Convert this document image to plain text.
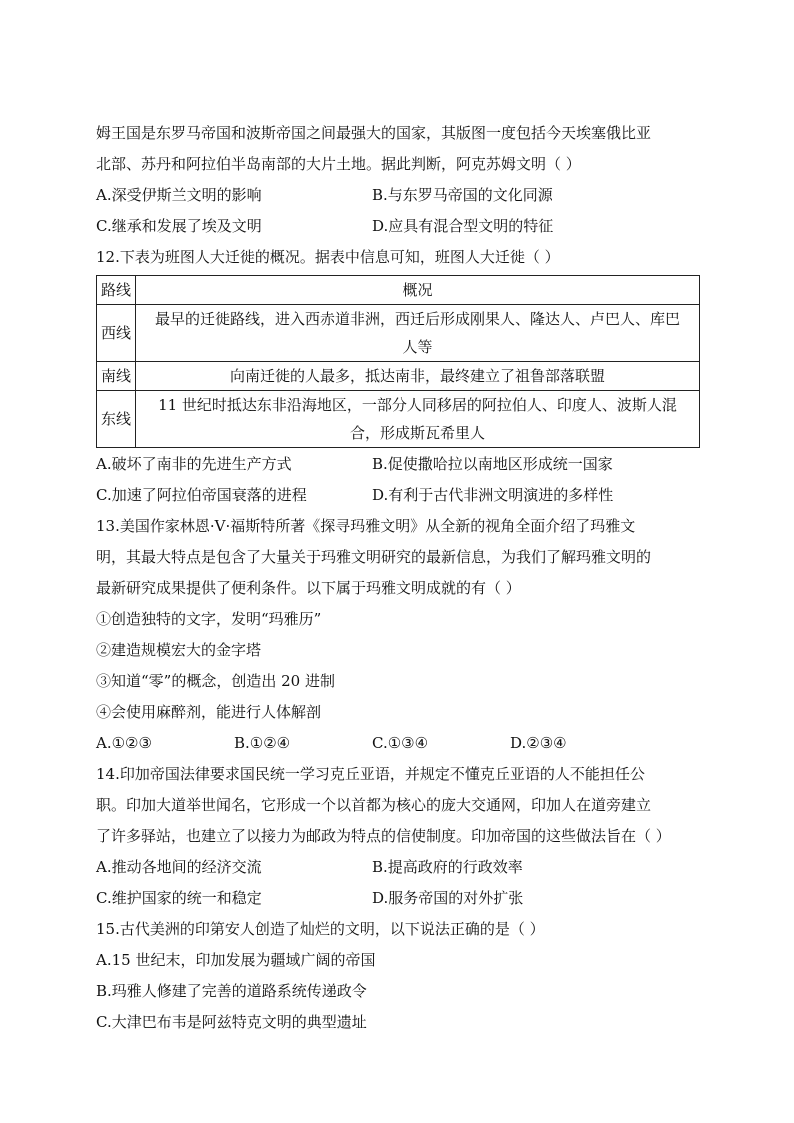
姆王国是东罗马帝国和波斯帝国之间最强大的国家，其版图一度包括今天埃塞俄比亚
北部、苏丹和阿拉伯半岛南部的大片土地。据此判断，阿克苏姆文明（ ）
A.深受伊斯兰文明的影响	B.与东罗马帝国的文化同源
C.继承和发展了埃及文明	D.应具有混合型文明的特征
12.下表为班图人大迁徙的概况。据表中信息可知，班图人大迁徙（ ）
路线	概况
西线	最早的迁徙路线，进入西赤道非洲，西迁后形成刚果人、隆达人、卢巴人、库巴
人等

南线	向南迁徙的人最多，抵达南非，最终建立了祖鲁部落联盟

东线	11 世纪时抵达东非沿海地区，一部分人同移居的阿拉伯人、印度人、波斯人混
合，形成斯瓦希里人
A.破坏了南非的先进生产方式	B.促使撒哈拉以南地区形成统一国家
C.加速了阿拉伯帝国衰落的进程	D.有利于古代非洲文明演进的多样性
13.美国作家林恩·V·福斯特所著《探寻玛雅文明》从全新的视角全面介绍了玛雅文
明，其最大特点是包含了大量关于玛雅文明研究的最新信息，为我们了解玛雅文明的
最新研究成果提供了便利条件。以下属于玛雅文明成就的有（ ）
①创造独特的文字，发明“玛雅历”
②建造规模宏大的金字塔
③知道“零”的概念，创造出 20 进制
④会使用麻醉剂，能进行人体解剖
A.①②③	B.①②④	C.①③④	D.②③④
14.印加帝国法律要求国民统一学习克丘亚语，并规定不懂克丘亚语的人不能担任公
职。印加大道举世闻名，它形成一个以首都为核心的庞大交通网，印加人在道旁建立
了许多驿站，也建立了以接力为邮政为特点的信使制度。印加帝国的这些做法旨在（ ）
A.推动各地间的经济交流	B.提高政府的行政效率
C.维护国家的统一和稳定	D.服务帝国的对外扩张
15.古代美洲的印第安人创造了灿烂的文明，以下说法正确的是（ ）
A.15 世纪末，印加发展为疆域广阔的帝国
B.玛雅人修建了完善的道路系统传递政令
C.大津巴布韦是阿兹特克文明的典型遗址
